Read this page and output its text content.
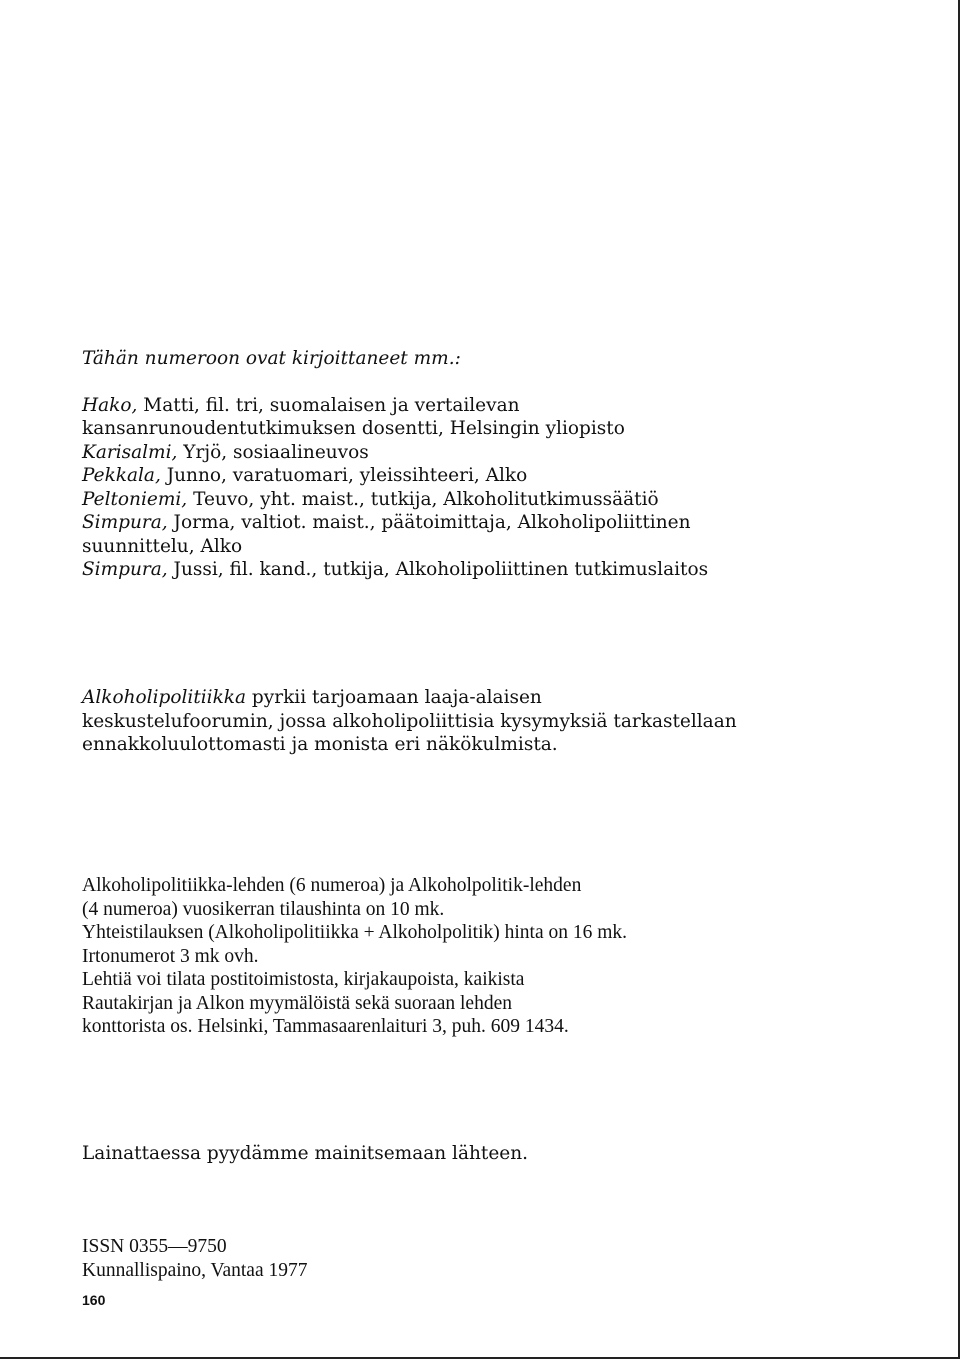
Tähän numeroon ovat kirjoittaneet mm.:
Hako, Matti, fil. tri, suomalaisen ja vertailevan
kansanrunoudentutkimuksen dosentti, Helsingin yliopisto
Karisalmi, Yrjö, sosiaalineuvos
Pekkala, Junno, varatuomari, yleissihteeri, Alko
Peltoniemi, Teuvo, yht. maist., tutkija, Alkoholitutkimussäätiö
Simpura, Jorma, valtiot. maist., päätoimittaja, Alkoholipoliittinen
suunnittelu, Alko
Simpura, Jussi, fil. kand., tutkija, Alkoholipoliittinen tutkimuslaitos
Alkoholipolitiikka pyrkii tarjoamaan laaja-alaisen
keskustelufoorumin, jossa alkoholipoliittisia kysymyksiä tarkastellaan
ennakkoluulottomasti ja monista eri näkökulmista.
Alkoholipolitiikka-lehden (6 numeroa) ja Alkoholpolitik-lehden
(4 numeroa) vuosikerran tilaushinta on 10 mk.
Yhteistilauksen (Alkoholipolitiikka + Alkoholpolitik) hinta on 16 mk.
Irtonumerot 3 mk ovh.
Lehtiä voi tilata postitoimistosta, kirjakaupoista, kaikista
Rautakirjan ja Alkon myymälöistä sekä suoraan lehden
konttorista os. Helsinki, Tammasaarenlaituri 3, puh. 609 1434.
Lainattaessa pyydämme mainitsemaan lähteen.
ISSN 0355—9750
Kunnallispaino, Vantaa 1977
160
